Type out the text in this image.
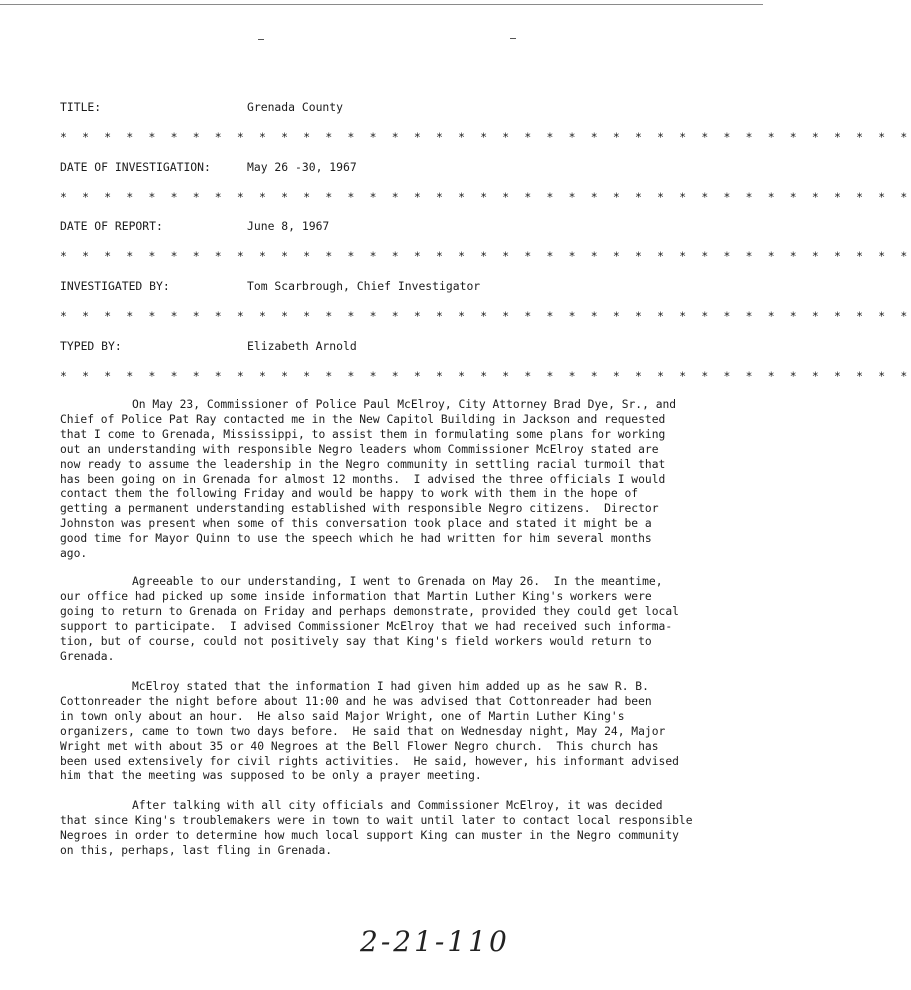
TITLE:

	Grenada County

* * * * * * * * * * * * * * * * * * * * * * * * * * * * * * * * * * * * * * *

DATE OF INVESTIGATION:

	May 26 -30, 1967

* * * * * * * * * * * * * * * * * * * * * * * * * * * * * * * * * * * * * * *

DATE OF REPORT:

	June 8, 1967

* * * * * * * * * * * * * * * * * * * * * * * * * * * * * * * * * * * * * * *

INVESTIGATED BY:

	Tom Scarbrough, Chief Investigator

* * * * * * * * * * * * * * * * * * * * * * * * * * * * * * * * * * * * * * *

TYPED BY:

	Elizabeth Arnold

* * * * * * * * * * * * * * * * * * * * * * * * * * * * * * * * * * * * * * *
On May 23, Commissioner of Police Paul McElroy, City Attorney Brad Dye, Sr., and
Chief of Police Pat Ray contacted me in the New Capitol Building in Jackson and requested
that I come to Grenada, Mississippi, to assist them in formulating some plans for working
out an understanding with responsible Negro leaders whom Commissioner McElroy stated are
now ready to assume the leadership in the Negro community in settling racial turmoil that
has been going on in Grenada for almost 12 months.  I advised the three officials I would
contact them the following Friday and would be happy to work with them in the hope of
getting a permanent understanding established with responsible Negro citizens.  Director
Johnston was present when some of this conversation took place and stated it might be a
good time for Mayor Quinn to use the speech which he had written for him several months
ago.
Agreeable to our understanding, I went to Grenada on May 26.  In the meantime,
our office had picked up some inside information that Martin Luther King's workers were
going to return to Grenada on Friday and perhaps demonstrate, provided they could get local
support to participate.  I advised Commissioner McElroy that we had received such informa-
tion, but of course, could not positively say that King's field workers would return to
Grenada.
McElroy stated that the information I had given him added up as he saw R. B.
Cottonreader the night before about 11:00 and he was advised that Cottonreader had been
in town only about an hour.  He also said Major Wright, one of Martin Luther King's
organizers, came to town two days before.  He said that on Wednesday night, May 24, Major
Wright met with about 35 or 40 Negroes at the Bell Flower Negro church.  This church has
been used extensively for civil rights activities.  He said, however, his informant advised
him that the meeting was supposed to be only a prayer meeting.
After talking with all city officials and Commissioner McElroy, it was decided
that since King's troublemakers were in town to wait until later to contact local responsible
Negroes in order to determine how much local support King can muster in the Negro community
on this, perhaps, last fling in Grenada.
2-21-110
